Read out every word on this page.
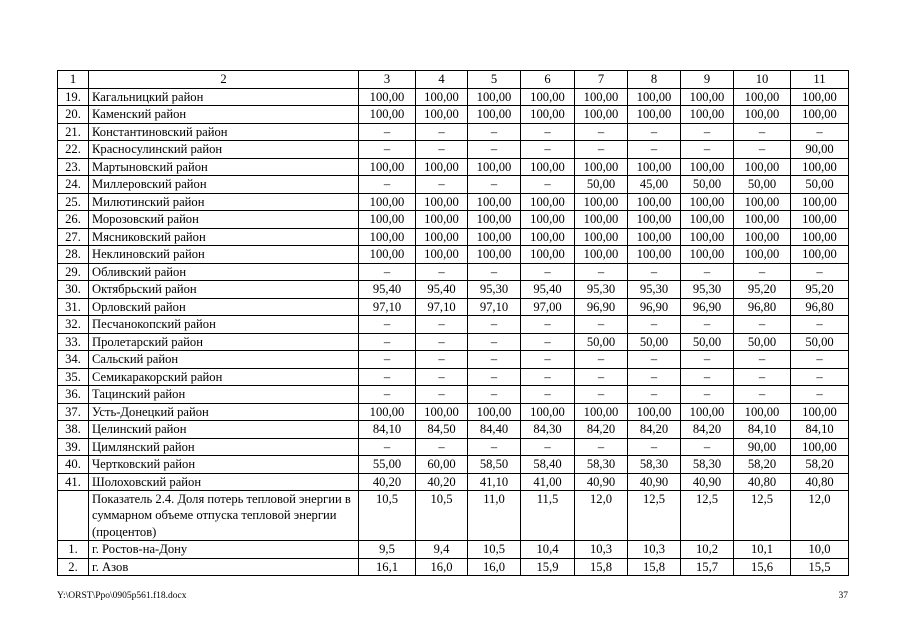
1	2	3	4	5	6	7	8	9	10	11
19.	Кагальницкий район	100,00	100,00	100,00	100,00	100,00	100,00	100,00	100,00	100,00
20.	Каменский район	100,00	100,00	100,00	100,00	100,00	100,00	100,00	100,00	100,00
21.	Константиновский район	–	–	–	–	–	–	–	–	–
22.	Красносулинский район	–	–	–	–	–	–	–	–	90,00
23.	Мартыновский район	100,00	100,00	100,00	100,00	100,00	100,00	100,00	100,00	100,00
24.	Миллеровский район	–	–	–	–	50,00	45,00	50,00	50,00	50,00
25.	Милютинский район	100,00	100,00	100,00	100,00	100,00	100,00	100,00	100,00	100,00
26.	Морозовский район	100,00	100,00	100,00	100,00	100,00	100,00	100,00	100,00	100,00
27.	Мясниковский район	100,00	100,00	100,00	100,00	100,00	100,00	100,00	100,00	100,00
28.	Неклиновский район	100,00	100,00	100,00	100,00	100,00	100,00	100,00	100,00	100,00
29.	Обливский район	–	–	–	–	–	–	–	–	–
30.	Октябрьский район	95,40	95,40	95,30	95,40	95,30	95,30	95,30	95,20	95,20
31.	Орловский район	97,10	97,10	97,10	97,00	96,90	96,90	96,90	96,80	96,80
32.	Песчанокопский район	–	–	–	–	–	–	–	–	–
33.	Пролетарский район	–	–	–	–	50,00	50,00	50,00	50,00	50,00
34.	Сальский район	–	–	–	–	–	–	–	–	–
35.	Семикаракорский район	–	–	–	–	–	–	–	–	–
36.	Тацинский район	–	–	–	–	–	–	–	–	–
37.	Усть-Донецкий район	100,00	100,00	100,00	100,00	100,00	100,00	100,00	100,00	100,00
38.	Целинский район	84,10	84,50	84,40	84,30	84,20	84,20	84,20	84,10	84,10
39.	Цимлянский район	–	–	–	–	–	–	–	90,00	100,00
40.	Чертковский район	55,00	60,00	58,50	58,40	58,30	58,30	58,30	58,20	58,20
41.	Шолоховский район	40,20	40,20	41,10	41,00	40,90	40,90	40,90	40,80	40,80
	Показатель 2.4. Доля потерь тепловой энергии в суммарном объеме отпуска тепловой энергии (процентов)	10,5	10,5	11,0	11,5	12,0	12,5	12,5	12,5	12,0
1.	г. Ростов-на-Дону	9,5	9,4	10,5	10,4	10,3	10,3	10,2	10,1	10,0
2.	г. Азов	16,1	16,0	16,0	15,9	15,8	15,8	15,7	15,6	15,5
Y:\ORST\Ppo\0905p561.f18.docx	37
